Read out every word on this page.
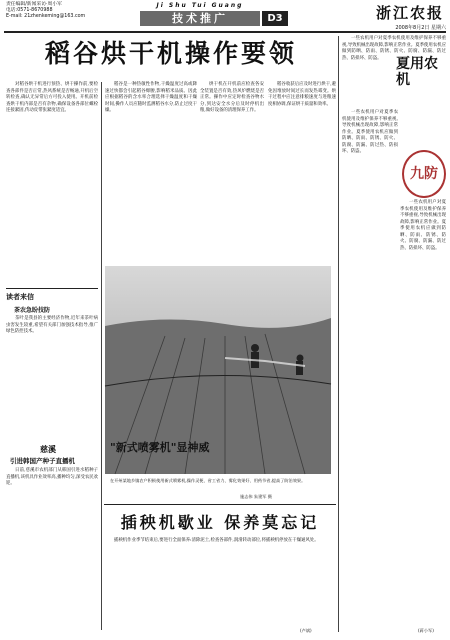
责任编辑/新闻采访·周小军
电话:0571-8670988
E-mail: 21zhenkeming@163.com
Ji Shu Tui Guang
技术推广	D3	浙江农报
2008年8月2日 星期六
稻谷烘干机操作要领
对稻谷烘干机进行预热、烘干操作前,要检查各部件是否正常,热风系统是否畅通,开机后空转检查,确认无异常后方可投入使用。开机前检查烘干机内部是否有杂物,确保设备各部位螺栓连接紧固,传动皮带张紧度适宜。
读者来信
茶农急盼技防
茶叶是我县的主要经济作物,近年来茶叶病虫害发生较重,希望有关部门加强技术指导,推广绿色防控技术。
慈溪
引进韩国产种子直播机
日前,慈溪市农机部门从韩国引进水稻种子直播机,该机具作业效率高,播种均匀,深受农民欢迎。
稻谷是一种热敏性作物,干燥温度过高或降速过快都会引起稻谷爆腰,影响稻米品质。因此应根据稻谷的含水率合理选择干燥温度和干燥时间,操作人员应随时监测稻谷水分,防止过度干燥。
烘干机在开机前应检查各安全装置是否有效,热风炉燃烧是否正常。操作中应定时检查谷物水分,到达安全水分后及时停机出粮,做好设备的清理保养工作。
稻谷收获后应及时进行烘干,避免因堆放时间过长而发热霉变。烘干过程中应注意排粮速度与进粮速度相协调,保证烘干质量和效率。
"新式喷雾机"显神威
在开州某地乡镇农户积极使用新式喷雾机,操作灵便、省工省力、雾化效果好、用药节省,提高了防治效果。
施志伟 朱建军 摄
插秧机歇业 保养莫忘记
插秧机作业季节结束后,要进行全面保养:清除泥土,检查各部件,润滑转动部位,将插秧机停放在干燥通风处。
(卢斌)
一些农机用户对夏季农机使用及维护保养不够重视,导致机械出现故障,影响正常作业。夏季使用农机应做到防晒、防雨、防锈、防火、防腐、防漏、防过热、防损坏、防盗。	夏用农机
九防
一些农机用户对夏季农机使用及维护保养不够重视,导致机械出现故障,影响正常作业。夏季使用农机应做到防晒、防雨、防锈、防火、防腐、防漏、防过热、防损坏、防盗。
一些农机用户对夏季农机使用及维护保养不够重视,导致机械出现故障,影响正常作业。夏季使用农机应做到防晒、防雨、防锈、防火、防腐、防漏、防过热、防损坏、防盗。
(蒋小军)
